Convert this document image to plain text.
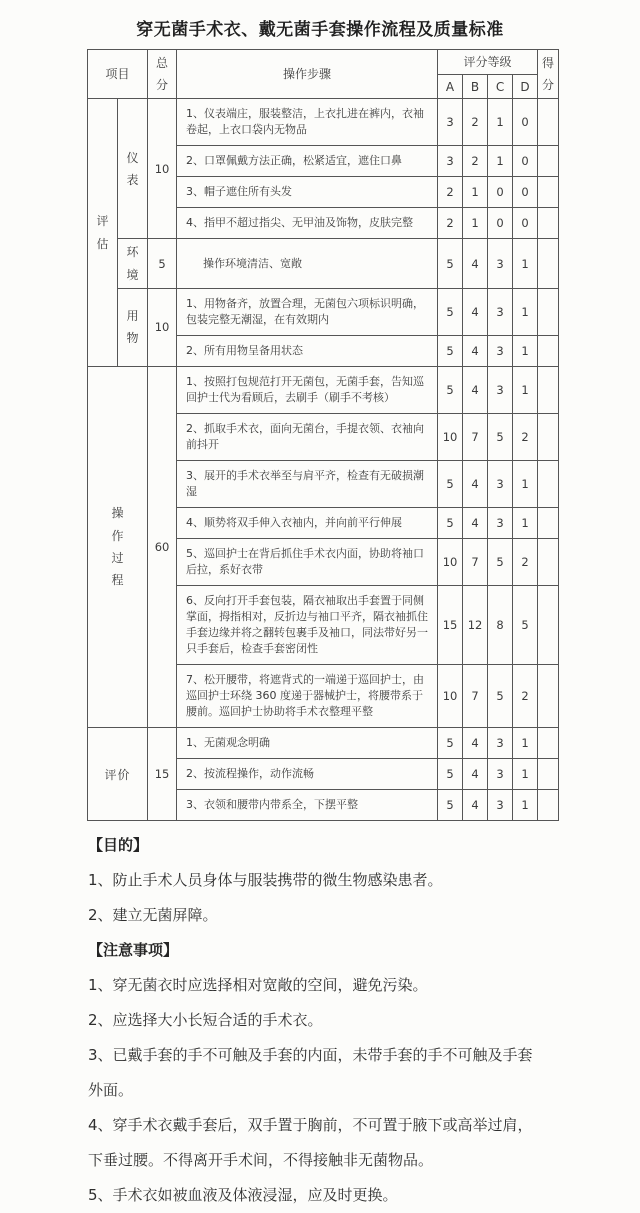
穿无菌手术衣、戴无菌手套操作流程及质量标准
项目		总分	操作步骤	评分等级				得分
				A	B	C	D	
评估	仪表	10	1、仪表端庄，服装整洁，上衣扎进在裤内，衣袖卷起，上衣口袋内无物品	3	2	1	0	
			2、口罩佩戴方法正确，松紧适宜，遮住口鼻	3	2	1	0	
			3、帽子遮住所有头发	2	1	0	0	
			4、指甲不超过指尖、无甲油及饰物，皮肤完整	2	1	0	0	
	环境	5	操作环境清洁、宽敞	5	4	3	1	
	用物	10	1、用物备齐，放置合理，无菌包六项标识明确，包装完整无潮湿，在有效期内	5	4	3	1	
			2、所有用物呈备用状态	5	4	3	1	
操作过程		60	1、按照打包规范打开无菌包，无菌手套，告知巡回护士代为看顾后，去刷手（刷手不考核）	5	4	3	1	
			2、抓取手术衣，面向无菌台，手提衣领、衣袖向前抖开	10	7	5	2	
			3、展开的手术衣举至与肩平齐，检查有无破损潮湿	5	4	3	1	
			4、顺势将双手伸入衣袖内，并向前平行伸展	5	4	3	1	
			5、巡回护士在背后抓住手术衣内面，协助将袖口后拉，系好衣带	10	7	5	2	
			6、反向打开手套包装，隔衣袖取出手套置于同侧掌面，拇指相对，反折边与袖口平齐，隔衣袖抓住手套边缘并将之翻转包裹手及袖口，同法带好另一只手套后，检查手套密闭性	15	12	8	5	
			7、松开腰带，将遮背式的一端递于巡回护士，由巡回护士环绕 360 度递于器械护士，将腰带系于腰前。巡回护士协助将手术衣整理平整	10	7	5	2	
评价		15	1、无菌观念明确	5	4	3	1	
			2、按流程操作，动作流畅	5	4	3	1	
			3、衣领和腰带内带系全，下摆平整	5	4	3	1	

【目的】

1、防止手术人员身体与服装携带的微生物感染患者。

2、建立无菌屏障。

【注意事项】

1、穿无菌衣时应选择相对宽敞的空间，避免污染。

2、应选择大小长短合适的手术衣。

3、已戴手套的手不可触及手套的内面，未带手套的手不可触及手套外面。

4、穿手术衣戴手套后，双手置于胸前，不可置于腋下或高举过肩，下垂过腰。不得离开手术间，不得接触非无菌物品。

5、手术衣如被血液及体液浸湿，应及时更换。
